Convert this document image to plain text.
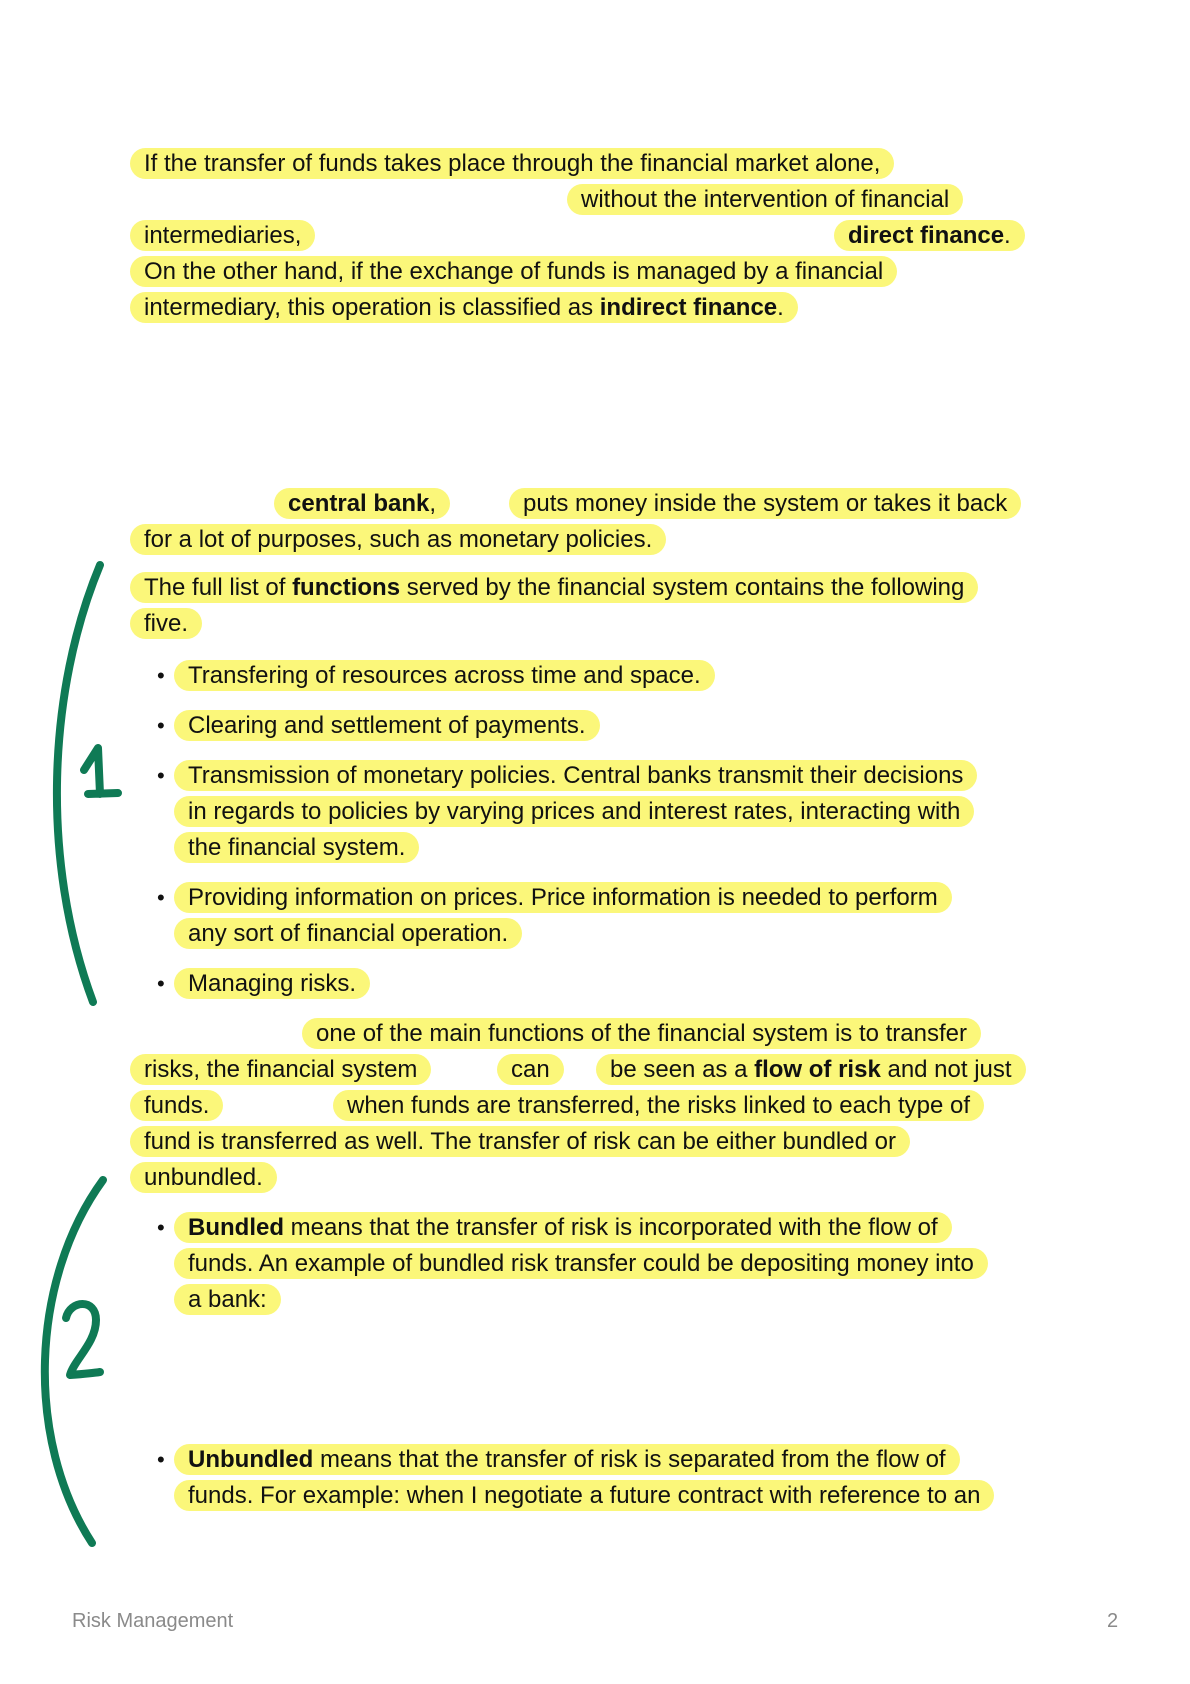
If the transfer of funds takes place through the financial market alone,
without the intervention of financial
intermediaries,	direct finance.
On the other hand, if the exchange of funds is managed by a financial
intermediary, this operation is classified as indirect finance.
central bank,	puts money inside the system or takes it back
for a lot of purposes, such as monetary policies.
The full list of functions served by the financial system contains the following
five.
• Transfering of resources across time and space.
• Clearing and settlement of payments.
• Transmission of monetary policies. Central banks transmit their decisions
in regards to policies by varying prices and interest rates, interacting with
the financial system.
• Providing information on prices. Price information is needed to perform
any sort of financial operation.
• Managing risks.
one of the main functions of the financial system is to transfer
risks, the financial system	can	be seen as a flow of risk and not just
funds.	when funds are transferred, the risks linked to each type of
fund is transferred as well. The transfer of risk can be either bundled or
unbundled.
• Bundled means that the transfer of risk is incorporated with the flow of
funds. An example of bundled risk transfer could be depositing money into
a bank:
• Unbundled means that the transfer of risk is separated from the flow of
funds. For example: when I negotiate a future contract with reference to an
Risk Management	2
